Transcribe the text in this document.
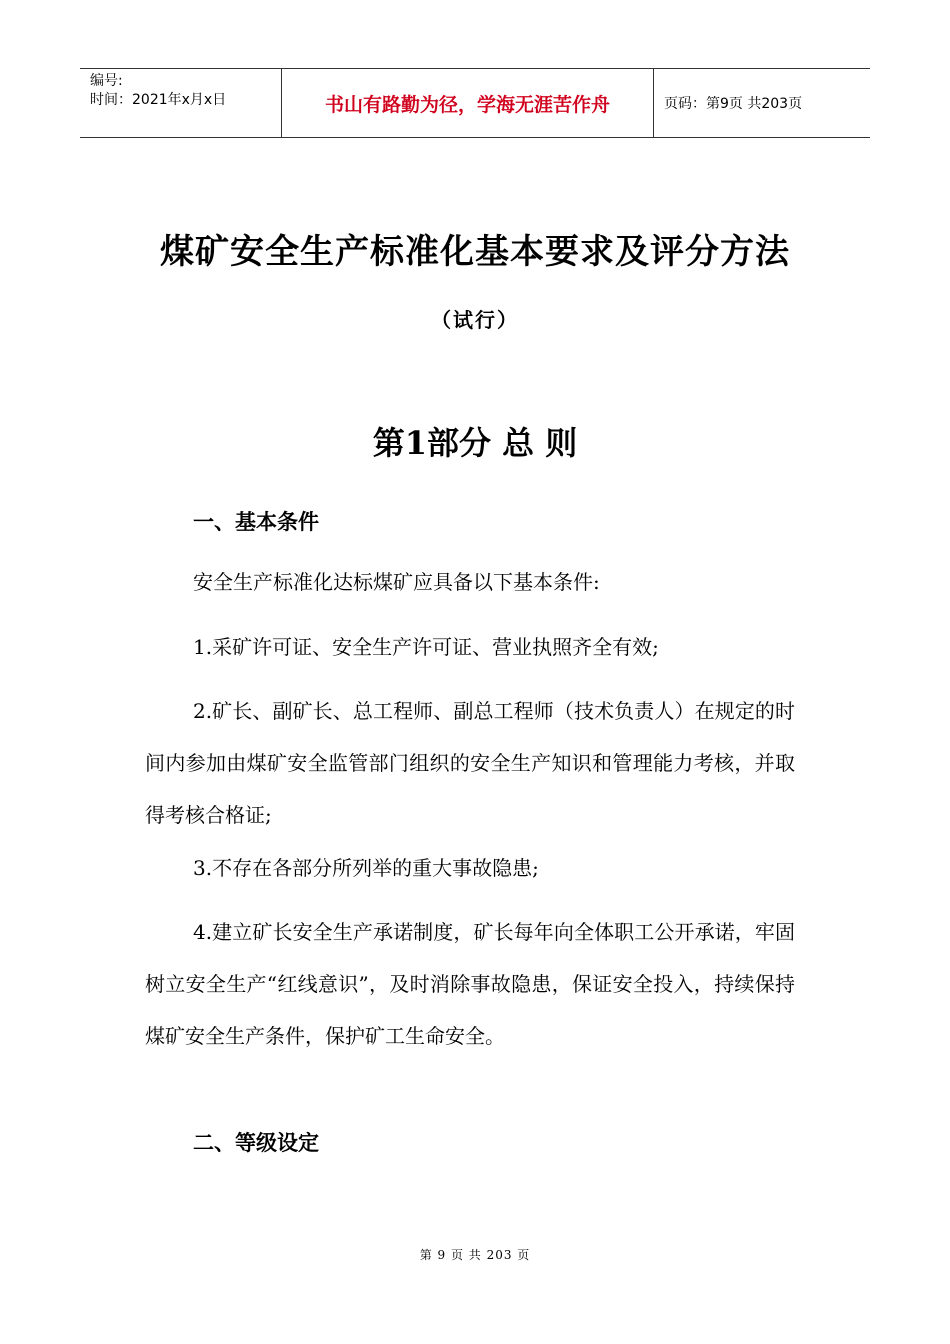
编号:
时间：2021年x月x日	书山有路勤为径，学海无涯苦作舟	页码：第9页 共203页
煤矿安全生产标准化基本要求及评分方法
（试行）
第1部分 总 则
一、基本条件
安全生产标准化达标煤矿应具备以下基本条件:
1.采矿许可证、安全生产许可证、营业执照齐全有效;
2.矿长、副矿长、总工程师、副总工程师（技术负责人）在规定的时间内参加由煤矿安全监管部门组织的安全生产知识和管理能力考核，并取得考核合格证;
3.不存在各部分所列举的重大事故隐患;
4.建立矿长安全生产承诺制度，矿长每年向全体职工公开承诺，牢固树立安全生产“红线意识”，及时消除事故隐患，保证安全投入，持续保持煤矿安全生产条件，保护矿工生命安全。
二、等级设定
第 9 页 共 203 页
